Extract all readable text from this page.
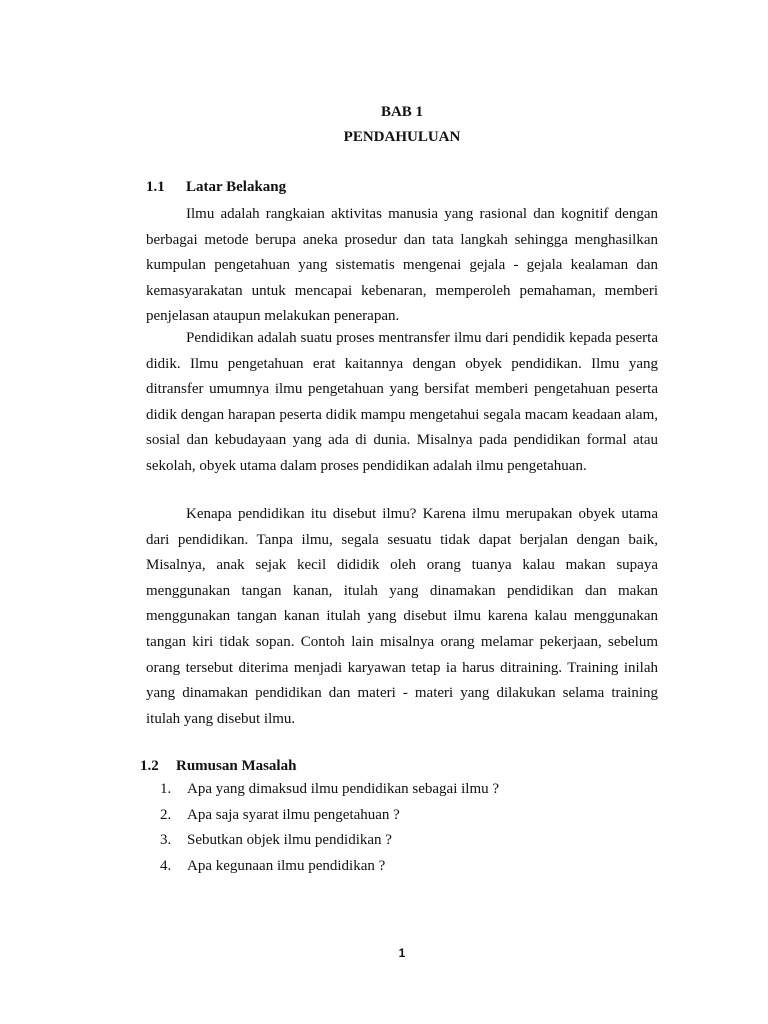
BAB 1
PENDAHULUAN
1.1 Latar Belakang

Ilmu adalah rangkaian aktivitas manusia yang rasional dan kognitif dengan berbagai metode berupa aneka prosedur dan tata langkah sehingga menghasilkan kumpulan pengetahuan yang sistematis mengenai gejala - gejala kealaman dan kemasyarakatan untuk mencapai kebenaran, memperoleh pemahaman, memberi penjelasan ataupun melakukan penerapan.

Pendidikan adalah suatu proses mentransfer ilmu dari pendidik kepada peserta didik. Ilmu pengetahuan erat kaitannya dengan obyek pendidikan. Ilmu yang ditransfer umumnya ilmu pengetahuan yang bersifat memberi pengetahuan peserta didik dengan harapan peserta didik mampu mengetahui segala macam keadaan alam, sosial dan kebudayaan yang ada di dunia. Misalnya pada pendidikan formal atau sekolah, obyek utama dalam proses pendidikan adalah ilmu pengetahuan.

Kenapa pendidikan itu disebut ilmu? Karena ilmu merupakan obyek utama dari pendidikan. Tanpa ilmu, segala sesuatu tidak dapat berjalan dengan baik, Misalnya, anak sejak kecil dididik oleh orang tuanya kalau makan supaya menggunakan tangan kanan, itulah yang dinamakan pendidikan dan makan menggunakan tangan kanan itulah yang disebut ilmu karena kalau menggunakan tangan kiri tidak sopan. Contoh lain misalnya orang melamar pekerjaan, sebelum orang tersebut diterima menjadi karyawan tetap ia harus ditraining. Training inilah yang dinamakan pendidikan dan materi - materi yang dilakukan selama training itulah yang disebut ilmu.

1.2 Rumusan Masalah
1. Apa yang dimaksud ilmu pendidikan sebagai ilmu ?
2. Apa saja syarat ilmu pengetahuan ?
3. Sebutkan objek ilmu pendidikan ?
4. Apa kegunaan ilmu pendidikan ?
1
